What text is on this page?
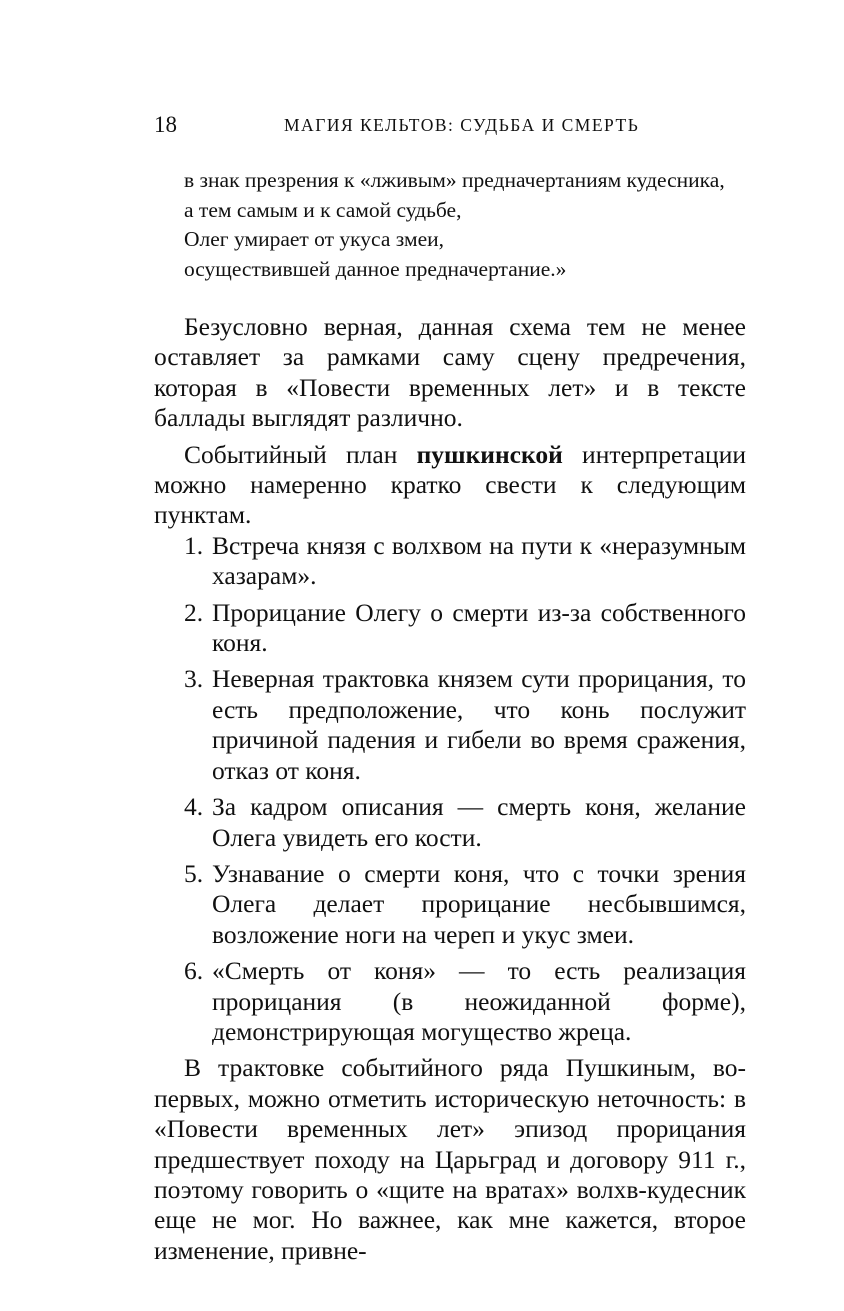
18	МАГИЯ КЕЛЬТОВ: СУДЬБА И СМЕРТЬ
в знак презрения к «лживым» предначертаниям кудесника,
а тем самым и к самой судьбе,
Олег умирает от укуса змеи,
осуществившей данное предначертание.»

Безусловно верная, данная схема тем не менее оставляет за рамками саму сцену предречения, которая в «Повести временных лет» и в тексте баллады выглядят различно.

Событийный план пушкинской интерпретации можно намеренно кратко свести к следующим пунктам.

1. Встреча князя с волхвом на пути к «неразумным хазарам».
2. Прорицание Олегу о смерти из-за собственного коня.
3. Неверная трактовка князем сути прорицания, то есть предположение, что конь послужит причиной падения и гибели во время сражения, отказ от коня.
4. За кадром описания — смерть коня, желание Олега увидеть его кости.
5. Узнавание о смерти коня, что с точки зрения Олега делает прорицание несбывшимся, возложение ноги на череп и укус змеи.
6. «Смерть от коня» — то есть реализация прорицания (в неожиданной форме), демонстрирующая могущество жреца.

В трактовке событийного ряда Пушкиным, во-первых, можно отметить историческую неточность: в «Повести временных лет» эпизод прорицания предшествует походу на Царьград и договору 911 г., поэтому говорить о «щите на вратах» волхв-кудесник еще не мог. Но важнее, как мне кажется, второе изменение, привне-
